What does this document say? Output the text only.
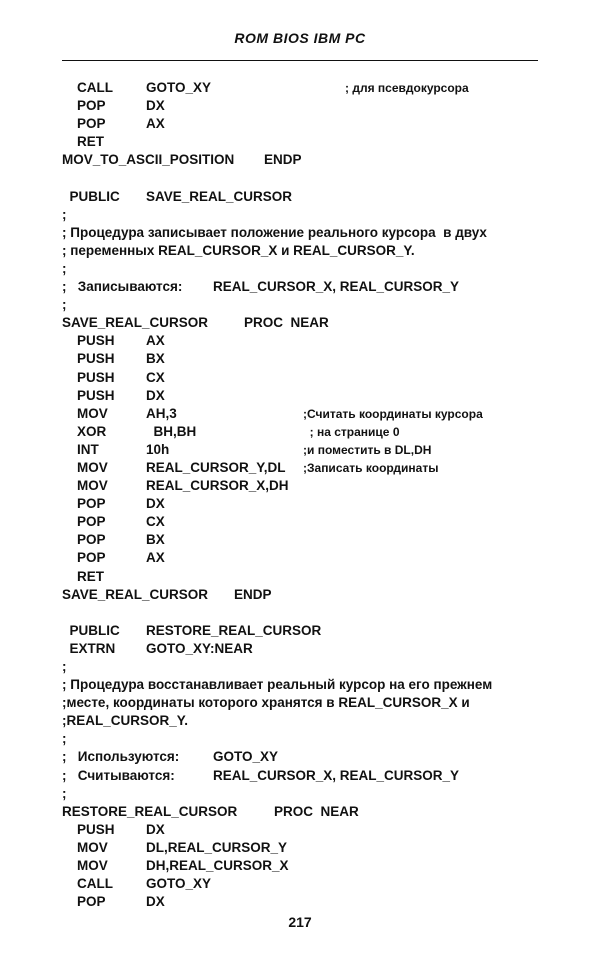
ROM BIOS IBM PC
CALL GOTO_XY	; для псевдокурсора
POP	DX
POP	AX
RET
MOV_TO_ASCII_POSITION ENDP
PUBLIC SAVE_REAL_CURSOR
;
; Процедура записывает положение реального курсора  в двух
; переменных REAL_CURSOR_X и REAL_CURSOR_Y.
;
;   Записываются: REAL_CURSOR_X, REAL_CURSOR_Y
;
SAVE_REAL_CURSOR	PROC  NEAR
PUSH AX
PUSH BX
PUSH CX
PUSH DX
MOV	AH,3	;Считать координаты курсора
XOR	BH,BH	; на странице 0
INT	10h	;и поместить в DL,DH
MOV	REAL_CURSOR_Y,DL ;Записать координаты
MOV	REAL_CURSOR_X,DH
POP	DX
POP	CX
POP	BX
POP	AX
RET
SAVE_REAL_CURSOR ENDP
PUBLIC RESTORE_REAL_CURSOR
EXTRN GOTO_XY:NEAR
;
; Процедура восстанавливает реальный курсор на его прежнем
;месте, координаты которого хранятся в REAL_CURSOR_X и
;REAL_CURSOR_Y.
;
;   Используются: GOTO_XY
;   Считываются:	REAL_CURSOR_X, REAL_CURSOR_Y
;
RESTORE_REAL_CURSOR	PROC  NEAR
PUSH DX
MOV	DL,REAL_CURSOR_Y
MOV	DH,REAL_CURSOR_X
CALL GOTO_XY
POP	DX
217
